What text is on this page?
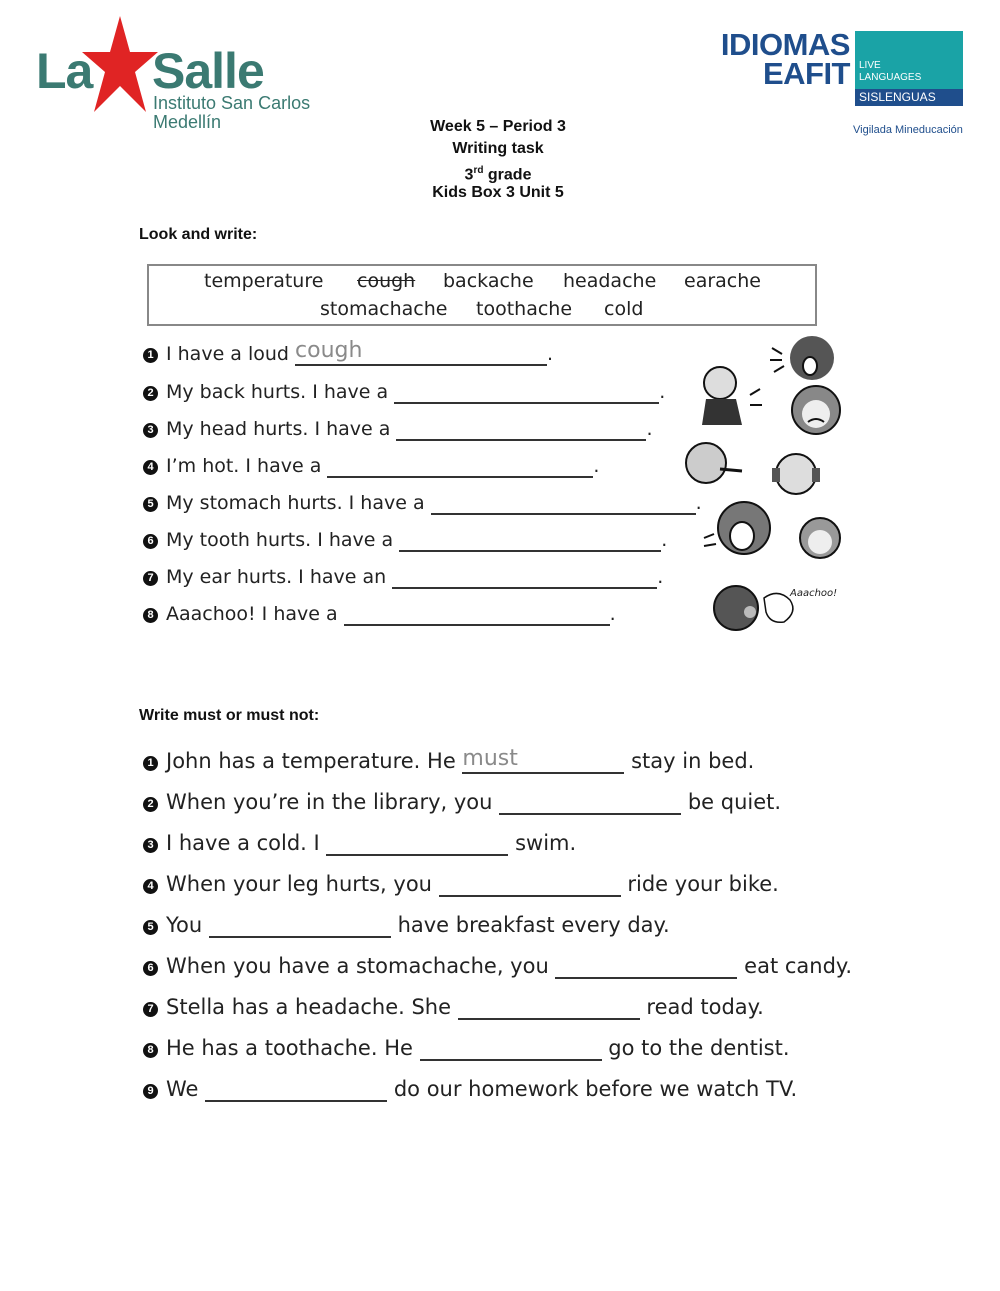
La Salle
Instituto San Carlos
Medellín
IDIOMAS
EAFIT LIVE
LANGUAGES
SISLENGUAS
Vigilada Mineducación
Week 5 – Period 3
Writing task
3rd grade
Kids Box 3 Unit 5
Look and write:
temperature cough backache headache earache
stomachache toothache cold
1 I have a loud cough	.
2 My back hurts. I have a	.
3 My head hurts. I have a	.
4 I’m hot. I have a	.
5 My stomach hurts. I have a	.
6 My tooth hurts. I have a	.
7 My ear hurts. I have an	.
8 Aaachoo! I have a	.
Aaachoo!
Write must or must not:
1 John has a temperature. He must	stay in bed.
2 When you’re in the library, you	be quiet.
3 I have a cold. I	swim.
4 When your leg hurts, you	ride your bike.
5 You	have breakfast every day.
6 When you have a stomachache, you	eat candy.
7 Stella has a headache. She	read today.
8 He has a toothache. He	go to the dentist.
9 We	do our homework before we watch TV.
